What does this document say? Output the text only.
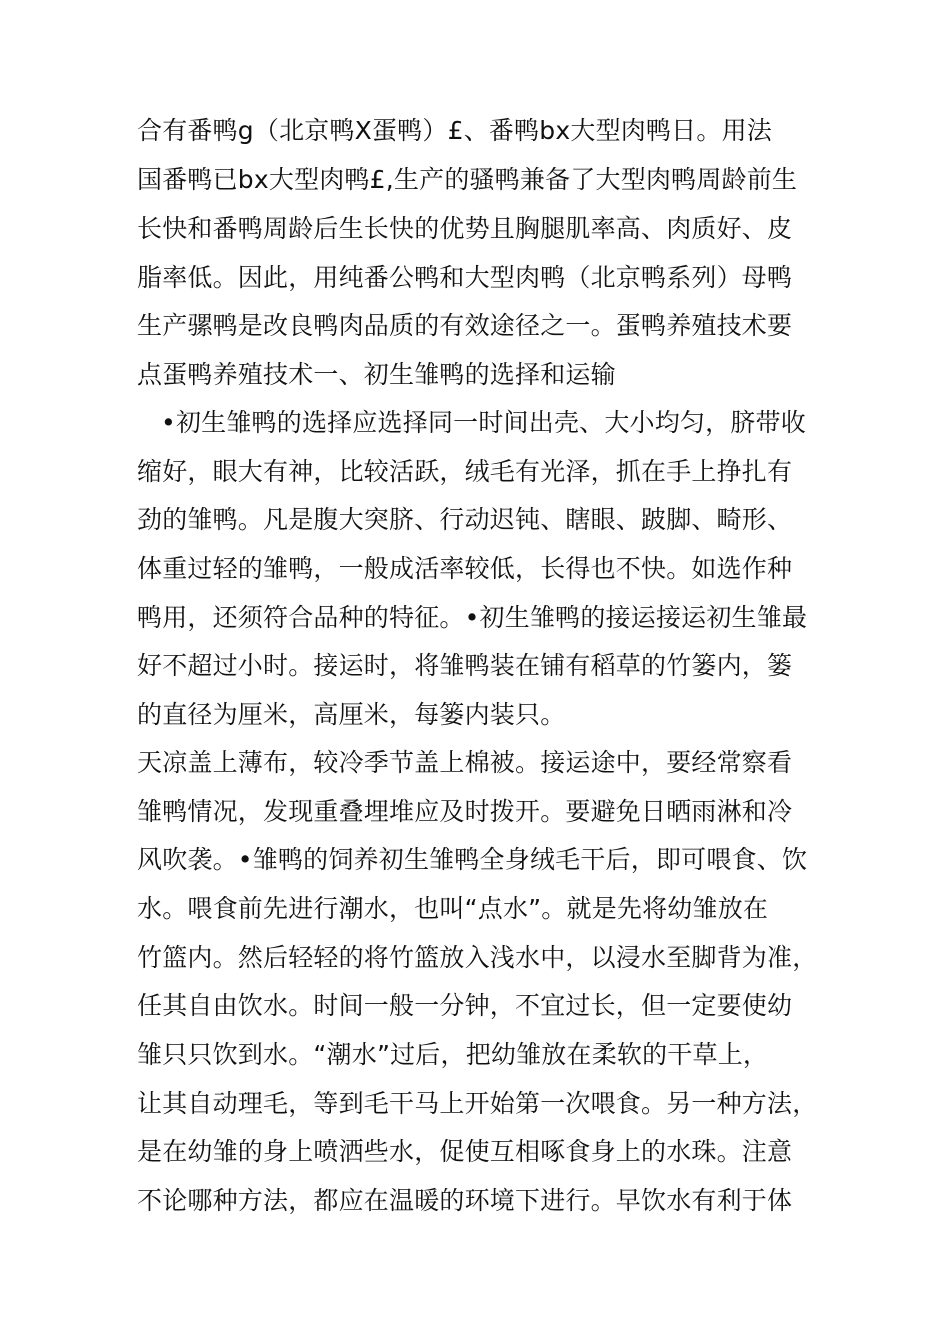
合有番鸭g（北京鸭X蛋鸭）£、番鸭bx大型肉鸭日。用法
国番鸭已bx大型肉鸭£,生产的骚鸭兼备了大型肉鸭周龄前生
长快和番鸭周龄后生长快的优势且胸腿肌率高、肉质好、皮
脂率低。因此，用纯番公鸭和大型肉鸭（北京鸭系列）母鸭
生产骡鸭是改良鸭肉品质的有效途径之一。蛋鸭养殖技术要
点蛋鸭养殖技术一、初生雏鸭的选择和运输
•初生雏鸭的选择应选择同一时间出壳、大小均匀，脐带收
缩好，眼大有神，比较活跃，绒毛有光泽，抓在手上挣扎有
劲的雏鸭。凡是腹大突脐、行动迟钝、瞎眼、跛脚、畸形、
体重过轻的雏鸭，一般成活率较低，长得也不快。如选作种
鸭用，还须符合品种的特征。•初生雏鸭的接运接运初生雏最
好不超过小时。接运时，将雏鸭装在铺有稻草的竹篓内，篓
的直径为厘米，高厘米，每篓内装只。
天凉盖上薄布，较冷季节盖上棉被。接运途中，要经常察看
雏鸭情况，发现重叠埋堆应及时拨开。要避免日晒雨淋和冷
风吹袭。•雏鸭的饲养初生雏鸭全身绒毛干后，即可喂食、饮
水。喂食前先进行潮水，也叫“点水”。就是先将幼雏放在
竹篮内。然后轻轻的将竹篮放入浅水中，以浸水至脚背为准，
任其自由饮水。时间一般一分钟，不宜过长，但一定要使幼
雏只只饮到水。“潮水”过后，把幼雏放在柔软的干草上，
让其自动理毛，等到毛干马上开始第一次喂食。另一种方法，
是在幼雏的身上喷洒些水，促使互相啄食身上的水珠。注意
不论哪种方法，都应在温暖的环境下进行。早饮水有利于体
